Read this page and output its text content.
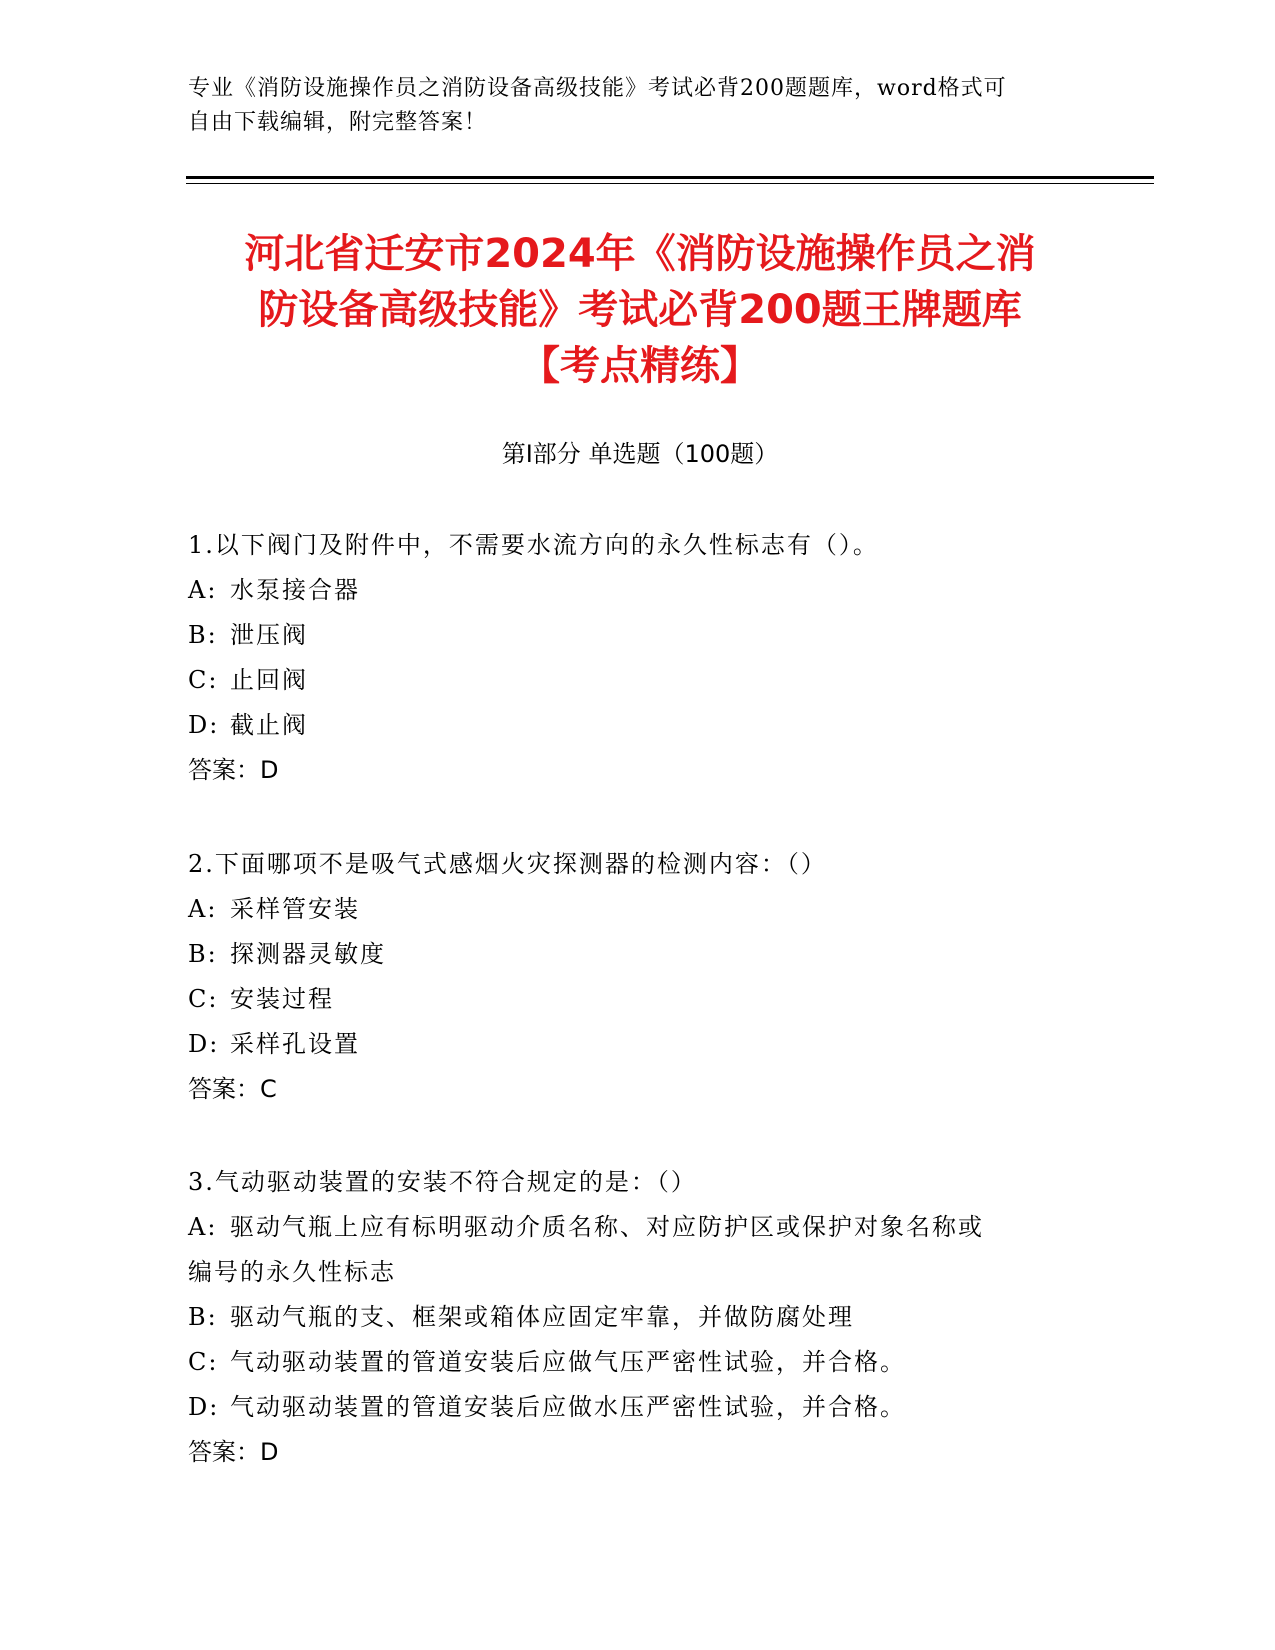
专业《消防设施操作员之消防设备高级技能》考试必背200题题库，word格式可
自由下载编辑，附完整答案！
河北省迁安市2024年《消防设施操作员之消
防设备高级技能》考试必背200题王牌题库
【考点精练】
第Ⅰ部分 单选题（100题）
1.以下阀门及附件中，不需要水流方向的永久性标志有（）。
A: 水泵接合器
B: 泄压阀
C: 止回阀
D: 截止阀
答案：D
2.下面哪项不是吸气式感烟火灾探测器的检测内容：（）
A: 采样管安装
B: 探测器灵敏度
C: 安装过程
D: 采样孔设置
答案：C
3.气动驱动装置的安装不符合规定的是：（）
A: 驱动气瓶上应有标明驱动介质名称、对应防护区或保护对象名称或
编号的永久性标志
B: 驱动气瓶的支、框架或箱体应固定牢靠，并做防腐处理
C: 气动驱动装置的管道安装后应做气压严密性试验，并合格。
D: 气动驱动装置的管道安装后应做水压严密性试验，并合格。
答案：D
